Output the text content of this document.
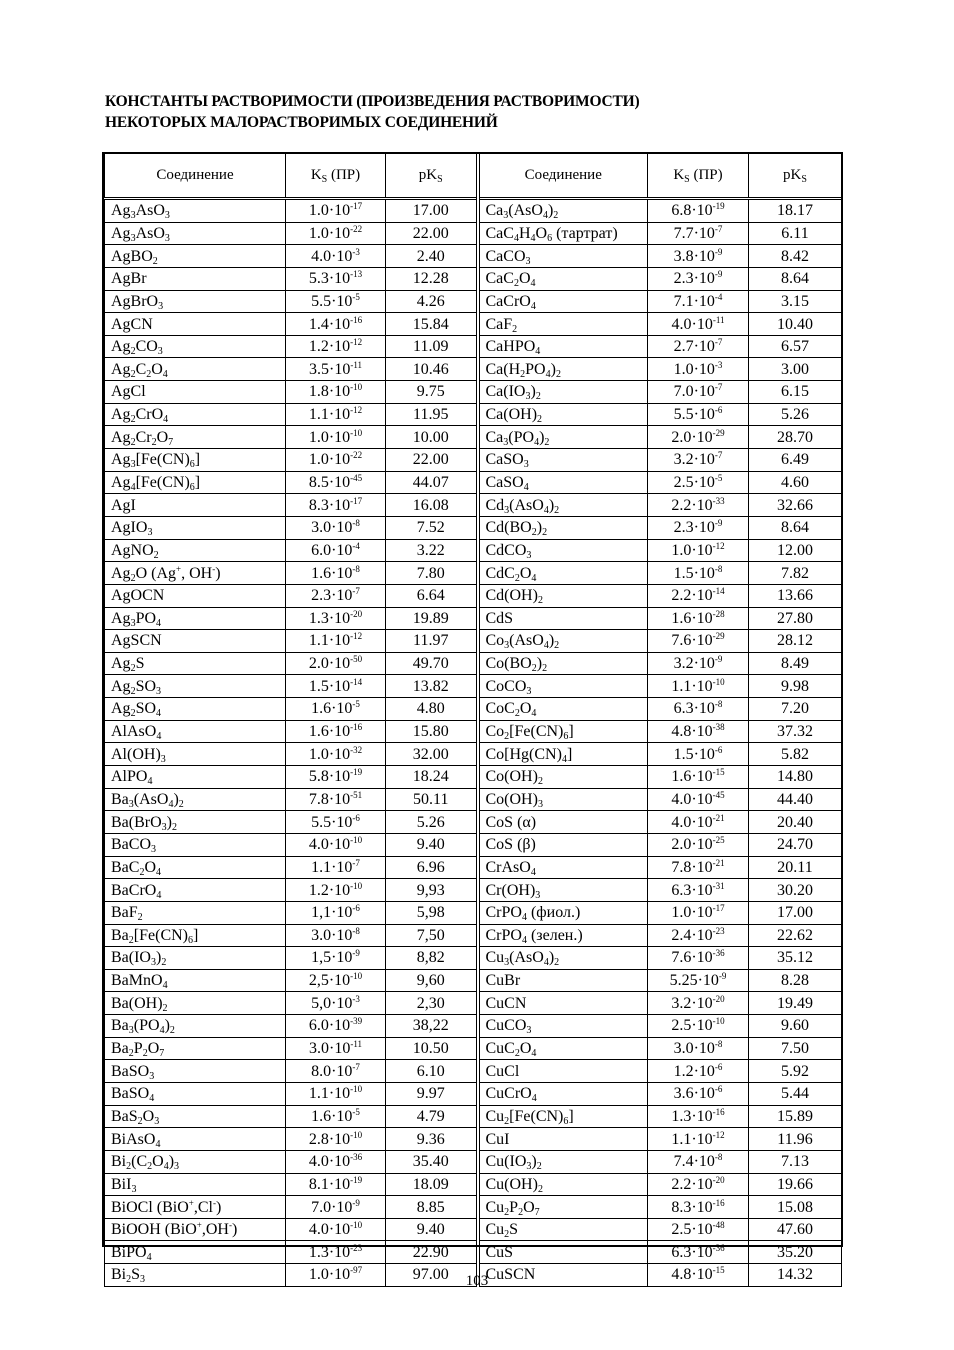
КОНСТАНТЫ РАСТВОРИМОСТИ (ПРОИЗВЕДЕНИЯ РАСТВОРИМОСТИ)
НЕКОТОРЫХ МАЛОРАСТВОРИМЫХ СОЕДИНЕНИЙ
Соединение	$K_S$ (ПР)	$pK_S$	Соединение	$K_S$ (ПР)	$pK_S$
$Ag_3AsO_3$	$1.0\cdot 10^{-17}$	17.00	$Ca_3(AsO_4)_2$	$6.8\cdot 10^{-19}$	18.17
$Ag_3AsO_3$	$1.0\cdot 10^{-22}$	22.00	$CaC_4H_4O_6$ (тартрат)	$7.7\cdot 10^{-7}$	6.11
AgBO$_2$	$4.0\cdot 10^{-3}$	2.40	CaCO$_3$	$3.8\cdot 10^{-9}$	8.42
AgBr	$5.3\cdot 10^{-13}$	12.28	$CaC_2O_4$	$2.3\cdot 10^{-9}$	8.64
AgBrO$_3$	$5.5\cdot 10^{-5}$	4.26	CaCrO$_4$	$7.1\cdot 10^{-4}$	3.15
AgCN	$1.4\cdot 10^{-16}$	15.84	CaF$_2$	$4.0\cdot 10^{-11}$	10.40
$Ag_2CO_3$	$1.2\cdot 10^{-12}$	11.09	CaHPO$_4$	$2.7\cdot 10^{-7}$	6.57
$Ag_2C_2O_4$	$3.5\cdot 10^{-11}$	10.46	$Ca(H_2PO_4)_2$	$1.0\cdot 10^{-3}$	3.00
AgCl	$1.8\cdot 10^{-10}$	9.75	$Ca(IO_3)_2$	$7.0\cdot 10^{-7}$	6.15
$Ag_2CrO_4$	$1.1\cdot 10^{-12}$	11.95	$Ca(OH)_2$	$5.5\cdot 10^{-6}$	5.26
$Ag_2Cr_2O_7$	$1.0\cdot 10^{-10}$	10.00	$Ca_3(PO_4)_2$	$2.0\cdot 10^{-29}$	28.70
$Ag_3[Fe(CN)_6]$	$1.0\cdot 10^{-22}$	22.00	CaSO$_3$	$3.2\cdot 10^{-7}$	6.49
$Ag_4[Fe(CN)_6]$	$8.5\cdot 10^{-45}$	44.07	CaSO$_4$	$2.5\cdot 10^{-5}$	4.60
AgI	$8.3\cdot 10^{-17}$	16.08	$Cd_3(AsO_4)_2$	$2.2\cdot 10^{-33}$	32.66
AgIO$_3$	$3.0\cdot 10^{-8}$	7.52	$Cd(BO_2)_2$	$2.3\cdot 10^{-9}$	8.64
AgNO$_2$	$6.0\cdot 10^{-4}$	3.22	CdCO$_3$	$1.0\cdot 10^{-12}$	12.00
$Ag_2O$ (Ag+, OH-)	$1.6\cdot 10^{-8}$	7.80	$CdC_2O_4$	$1.5\cdot 10^{-8}$	7.82
AgOCN	$2.3\cdot 10^{-7}$	6.64	$Cd(OH)_2$	$2.2\cdot 10^{-14}$	13.66
$Ag_3PO_4$	$1.3\cdot 10^{-20}$	19.89	CdS	$1.6\cdot 10^{-28}$	27.80
AgSCN	$1.1\cdot 10^{-12}$	11.97	$Co_3(AsO_4)_2$	$7.6\cdot 10^{-29}$	28.12
$Ag_2S$	$2.0\cdot 10^{-50}$	49.70	$Co(BO_2)_2$	$3.2\cdot 10^{-9}$	8.49
$Ag_2SO_3$	$1.5\cdot 10^{-14}$	13.82	CoCO$_3$	$1.1\cdot 10^{-10}$	9.98
$Ag_2SO_4$	$1.6\cdot 10^{-5}$	4.80	$CoC_2O_4$	$6.3\cdot 10^{-8}$	7.20
AlAsO$_4$	$1.6\cdot 10^{-16}$	15.80	$Co_2[Fe(CN)_6]$	$4.8\cdot 10^{-38}$	37.32
$Al(OH)_3$	$1.0\cdot 10^{-32}$	32.00	$Co[Hg(CN)_4]$	$1.5\cdot 10^{-6}$	5.82
AlPO$_4$	$5.8\cdot 10^{-19}$	18.24	$Co(OH)_2$	$1.6\cdot 10^{-15}$	14.80
$Ba_3(AsO_4)_2$	$7.8\cdot 10^{-51}$	50.11	$Co(OH)_3$	$4.0\cdot 10^{-45}$	44.40
$Ba(BrO_3)_2$	$5.5\cdot 10^{-6}$	5.26	CoS (α)	$4.0\cdot 10^{-21}$	20.40
BaCO$_3$	$4.0\cdot 10^{-10}$	9.40	CoS (β)	$2.0\cdot 10^{-25}$	24.70
$BaC_2O_4$	$1.1\cdot 10^{-7}$	6.96	CrAsO$_4$	$7.8\cdot 10^{-21}$	20.11
BaCrO$_4$	$1.2\cdot 10^{-10}$	9,93	$Cr(OH)_3$	$6.3\cdot 10^{-31}$	30.20
BaF$_2$	$1,1\cdot 10^{-6}$	5,98	CrPO$_4$ (фиол.)	$1.0\cdot 10^{-17}$	17.00
$Ba_2[Fe(CN)_6]$	$3.0\cdot 10^{-8}$	7,50	CrPO$_4$ (зелен.)	$2.4\cdot 10^{-23}$	22.62
$Ba(IO_3)_2$	$1,5\cdot 10^{-9}$	8,82	$Cu_3(AsO_4)_2$	$7.6\cdot 10^{-36}$	35.12
BaMnO$_4$	$2,5\cdot 10^{-10}$	9,60	CuBr	$5.25\cdot 10^{-9}$	8.28
$Ba(OH)_2$	$5,0\cdot 10^{-3}$	2,30	CuCN	$3.2\cdot 10^{-20}$	19.49
$Ba_3(PO_4)_2$	$6.0\cdot 10^{-39}$	38,22	CuCO$_3$	$2.5\cdot 10^{-10}$	9.60
$Ba_2P_2O_7$	$3.0\cdot 10^{-11}$	10.50	$CuC_2O_4$	$3.0\cdot 10^{-8}$	7.50
BaSO$_3$	$8.0\cdot 10^{-7}$	6.10	CuCl	$1.2\cdot 10^{-6}$	5.92
BaSO$_4$	$1.1\cdot 10^{-10}$	9.97	CuCrO$_4$	$3.6\cdot 10^{-6}$	5.44
$BaS_2O_3$	$1.6\cdot 10^{-5}$	4.79	$Cu_2[Fe(CN)_6]$	$1.3\cdot 10^{-16}$	15.89
BiAsO$_4$	$2.8\cdot 10^{-10}$	9.36	CuI	$1.1\cdot 10^{-12}$	11.96
$Bi_2(C_2O_4)_3$	$4.0\cdot 10^{-36}$	35.40	$Cu(IO_3)_2$	$7.4\cdot 10^{-8}$	7.13
BiI$_3$	$8.1\cdot 10^{-19}$	18.09	$Cu(OH)_2$	$2.2\cdot 10^{-20}$	19.66
BiOCl (BiO+,Cl-)	$7.0\cdot 10^{-9}$	8.85	$Cu_2P_2O_7$	$8.3\cdot 10^{-16}$	15.08
BiOOH (BiO+,OH-)	$4.0\cdot 10^{-10}$	9.40	$Cu_2S$	$2.5\cdot 10^{-48}$	47.60
BiPO$_4$	$1.3\cdot 10^{-23}$	22.90	CuS	$6.3\cdot 10^{-36}$	35.20
$Bi_2S_3$	$1.0\cdot 10^{-97}$	97.00	CuSCN	$4.8\cdot 10^{-15}$	14.32
103
